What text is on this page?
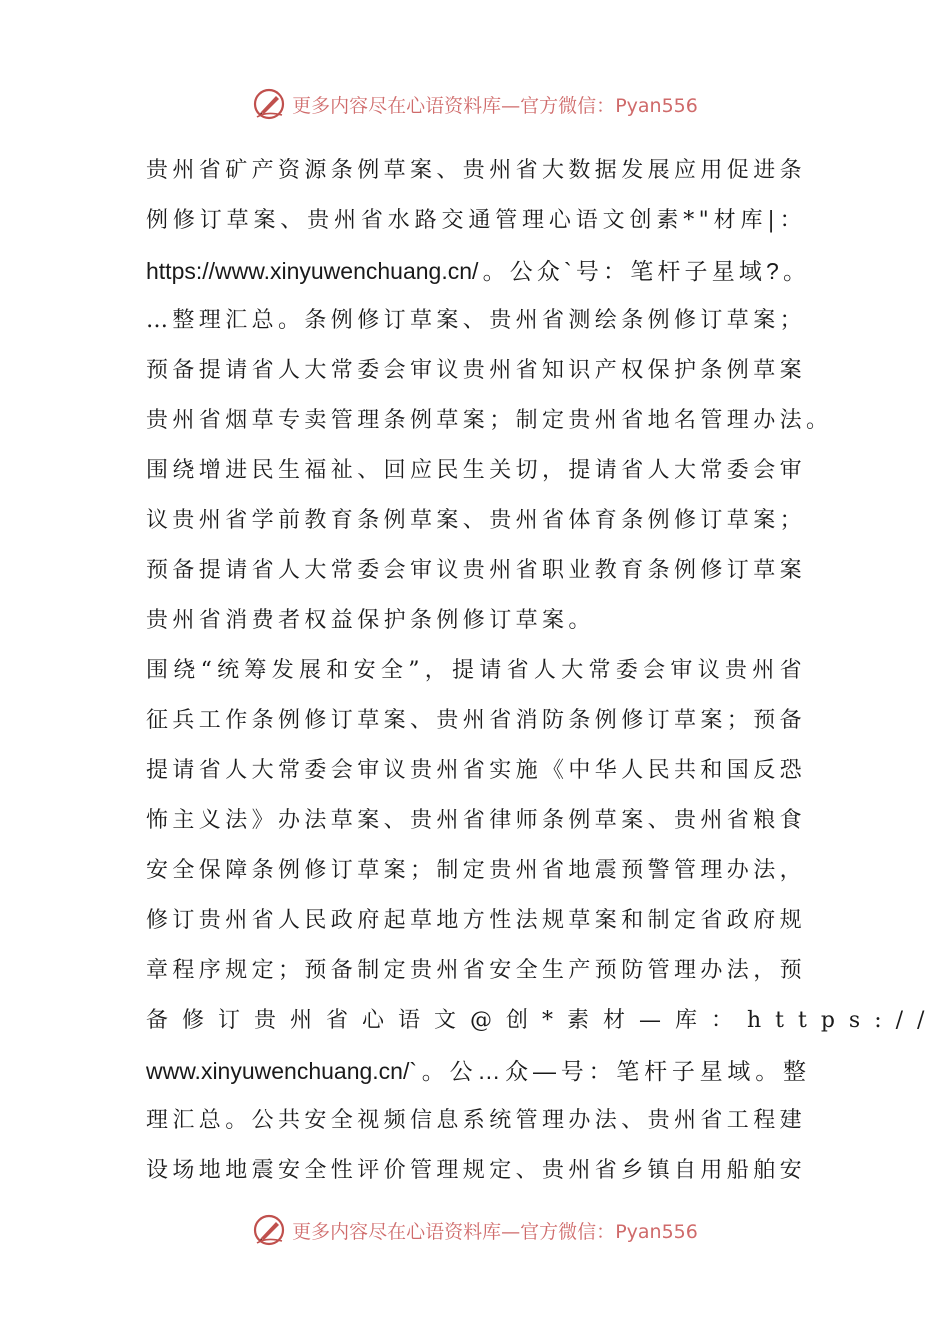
更多内容尽在心语资料库—官方微信：Pyan556
贵州省矿产资源条例草案、贵州省大数据发展应用促进条
例修订草案、贵州省水路交通管理心语文创素*"材库|：
https://www.xinyuwenchuang.cn/。公众`号：笔杆子星域?。
…整理汇总。条例修订草案、贵州省测绘条例修订草案；
预备提请省人大常委会审议贵州省知识产权保护条例草案
贵州省烟草专卖管理条例草案；制定贵州省地名管理办法。
围绕增进民生福祉、回应民生关切，提请省人大常委会审
议贵州省学前教育条例草案、贵州省体育条例修订草案；
预备提请省人大常委会审议贵州省职业教育条例修订草案
贵州省消费者权益保护条例修订草案。
围绕“统筹发展和安全”，提请省人大常委会审议贵州省
征兵工作条例修订草案、贵州省消防条例修订草案；预备
提请省人大常委会审议贵州省实施《中华人民共和国反恐
怖主义法》办法草案、贵州省律师条例草案、贵州省粮食
安全保障条例修订草案；制定贵州省地震预警管理办法，
修订贵州省人民政府起草地方性法规草案和制定省政府规
章程序规定；预备制定贵州省安全生产预防管理办法，预
备修订贵州省心语文@创*素材—库：https://
www.xinyuwenchuang.cn/`。公…众—号：笔杆子星域。整
理汇总。公共安全视频信息系统管理办法、贵州省工程建
设场地地震安全性评价管理规定、贵州省乡镇自用船舶安
更多内容尽在心语资料库—官方微信：Pyan556
